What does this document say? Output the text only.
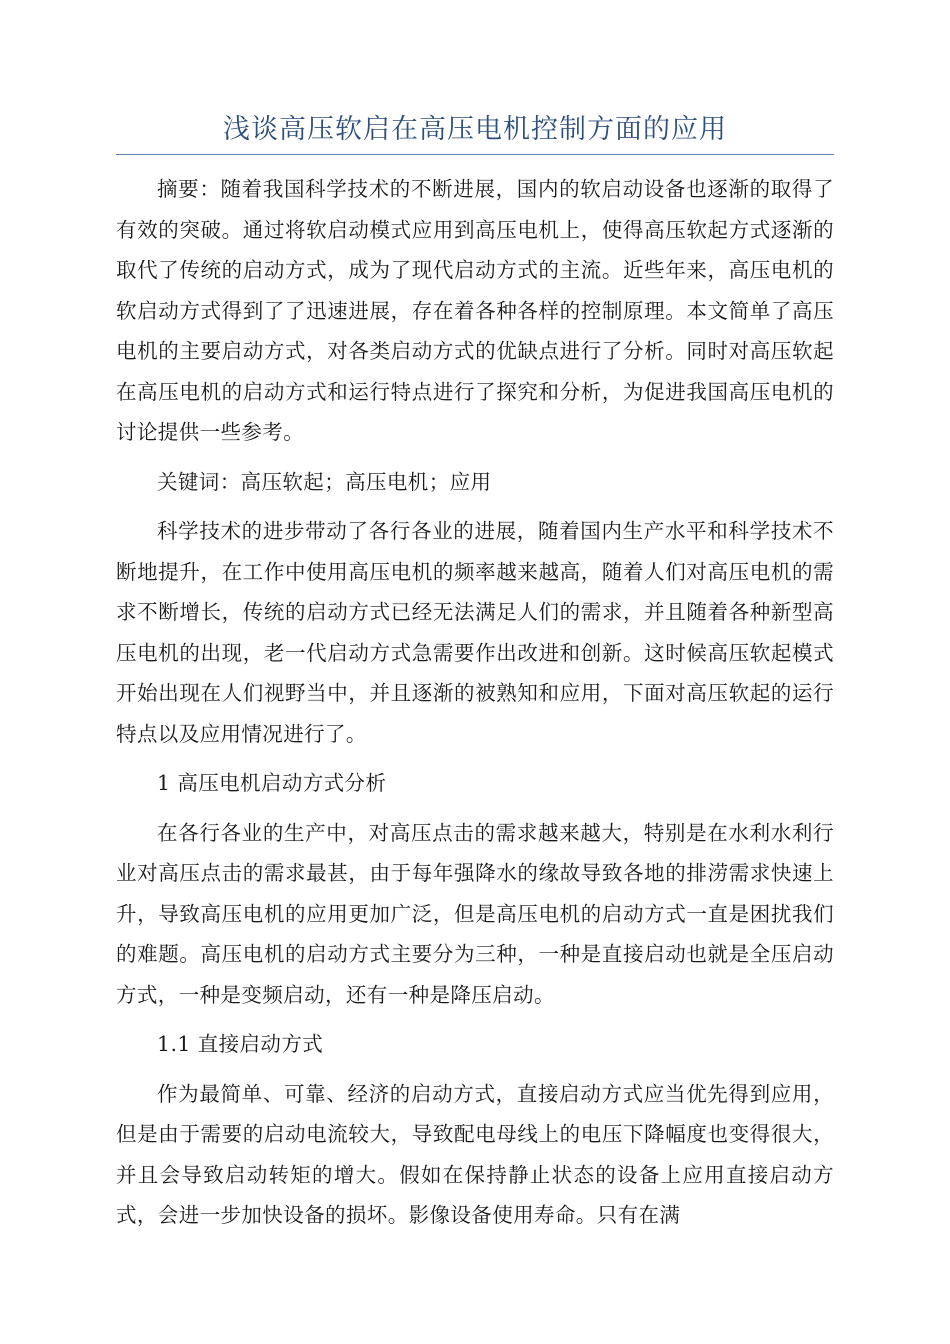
浅谈高压软启在高压电机控制方面的应用

摘要：随着我国科学技术的不断进展，国内的软启动设备也逐渐的取得了有效的突破。通过将软启动模式应用到高压电机上，使得高压软起方式逐渐的取代了传统的启动方式，成为了现代启动方式的主流。近些年来，高压电机的软启动方式得到了了迅速进展，存在着各种各样的控制原理。本文简单了高压电机的主要启动方式，对各类启动方式的优缺点进行了分析。同时对高压软起在高压电机的启动方式和运行特点进行了探究和分析，为促进我国高压电机的讨论提供一些参考。

关键词：高压软起；高压电机；应用

科学技术的进步带动了各行各业的进展，随着国内生产水平和科学技术不断地提升，在工作中使用高压电机的频率越来越高，随着人们对高压电机的需求不断增长，传统的启动方式已经无法满足人们的需求，并且随着各种新型高压电机的出现，老一代启动方式急需要作出改进和创新。这时候高压软起模式开始出现在人们视野当中，并且逐渐的被熟知和应用，下面对高压软起的运行特点以及应用情况进行了。

1 高压电机启动方式分析

在各行各业的生产中，对高压点击的需求越来越大，特别是在水利水利行业对高压点击的需求最甚，由于每年强降水的缘故导致各地的排涝需求快速上升，导致高压电机的应用更加广泛，但是高压电机的启动方式一直是困扰我们的难题。高压电机的启动方式主要分为三种，一种是直接启动也就是全压启动方式，一种是变频启动，还有一种是降压启动。

1.1 直接启动方式

作为最简单、可靠、经济的启动方式，直接启动方式应当优先得到应用，但是由于需要的启动电流较大，导致配电母线上的电压下降幅度也变得很大，并且会导致启动转矩的增大。假如在保持静止状态的设备上应用直接启动方式，会进一步加快设备的损坏。影像设备使用寿命。只有在满
